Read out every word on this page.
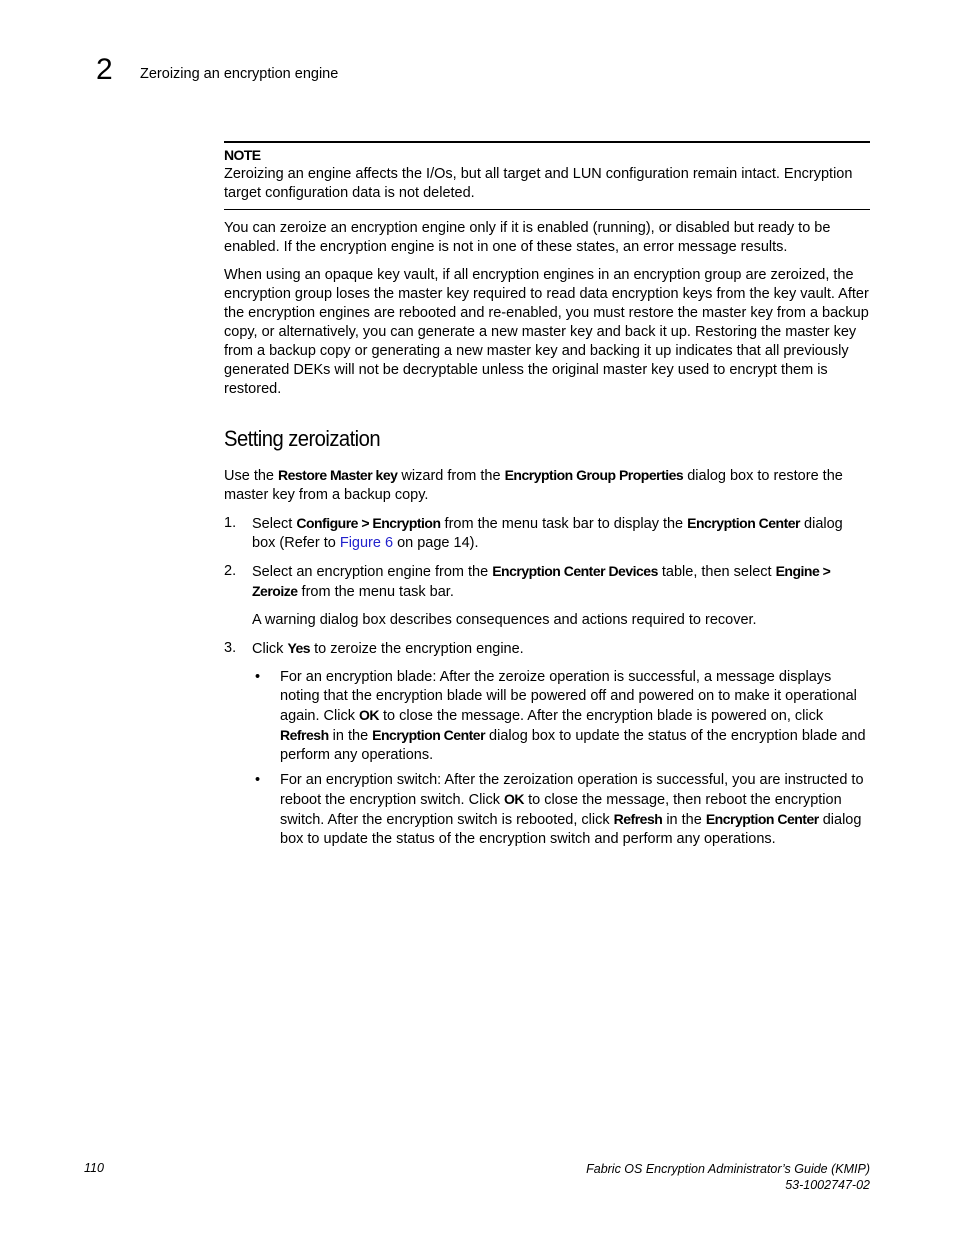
2 Zeroizing an encryption engine
NOTE
Zeroizing an engine affects the I/Os, but all target and LUN configuration remain intact. Encryption target configuration data is not deleted.

You can zeroize an encryption engine only if it is enabled (running), or disabled but ready to be enabled. If the encryption engine is not in one of these states, an error message results.

When using an opaque key vault, if all encryption engines in an encryption group are zeroized, the encryption group loses the master key required to read data encryption keys from the key vault. After the encryption engines are rebooted and re-enabled, you must restore the master key from a backup copy, or alternatively, you can generate a new master key and back it up. Restoring the master key from a backup copy or generating a new master key and backing it up indicates that all previously generated DEKs will not be decryptable unless the original master key used to encrypt them is restored.

Setting zeroization

Use the Restore Master key wizard from the Encryption Group Properties dialog box to restore the master key from a backup copy.

1. Select Configure > Encryption from the menu task bar to display the Encryption Center dialog box (Refer to Figure 6 on page 14).
2. Select an encryption engine from the Encryption Center Devices table, then select Engine > Zeroize from the menu task bar.
A warning dialog box describes consequences and actions required to recover.
3. Click Yes to zeroize the encryption engine.
• For an encryption blade: After the zeroize operation is successful, a message displays noting that the encryption blade will be powered off and powered on to make it operational again. Click OK to close the message. After the encryption blade is powered on, click Refresh in the Encryption Center dialog box to update the status of the encryption blade and perform any operations.
• For an encryption switch: After the zeroization operation is successful, you are instructed to reboot the encryption switch. Click OK to close the message, then reboot the encryption switch. After the encryption switch is rebooted, click Refresh in the Encryption Center dialog box to update the status of the encryption switch and perform any operations.
110	Fabric OS Encryption Administrator’s Guide (KMIP)
53-1002747-02
